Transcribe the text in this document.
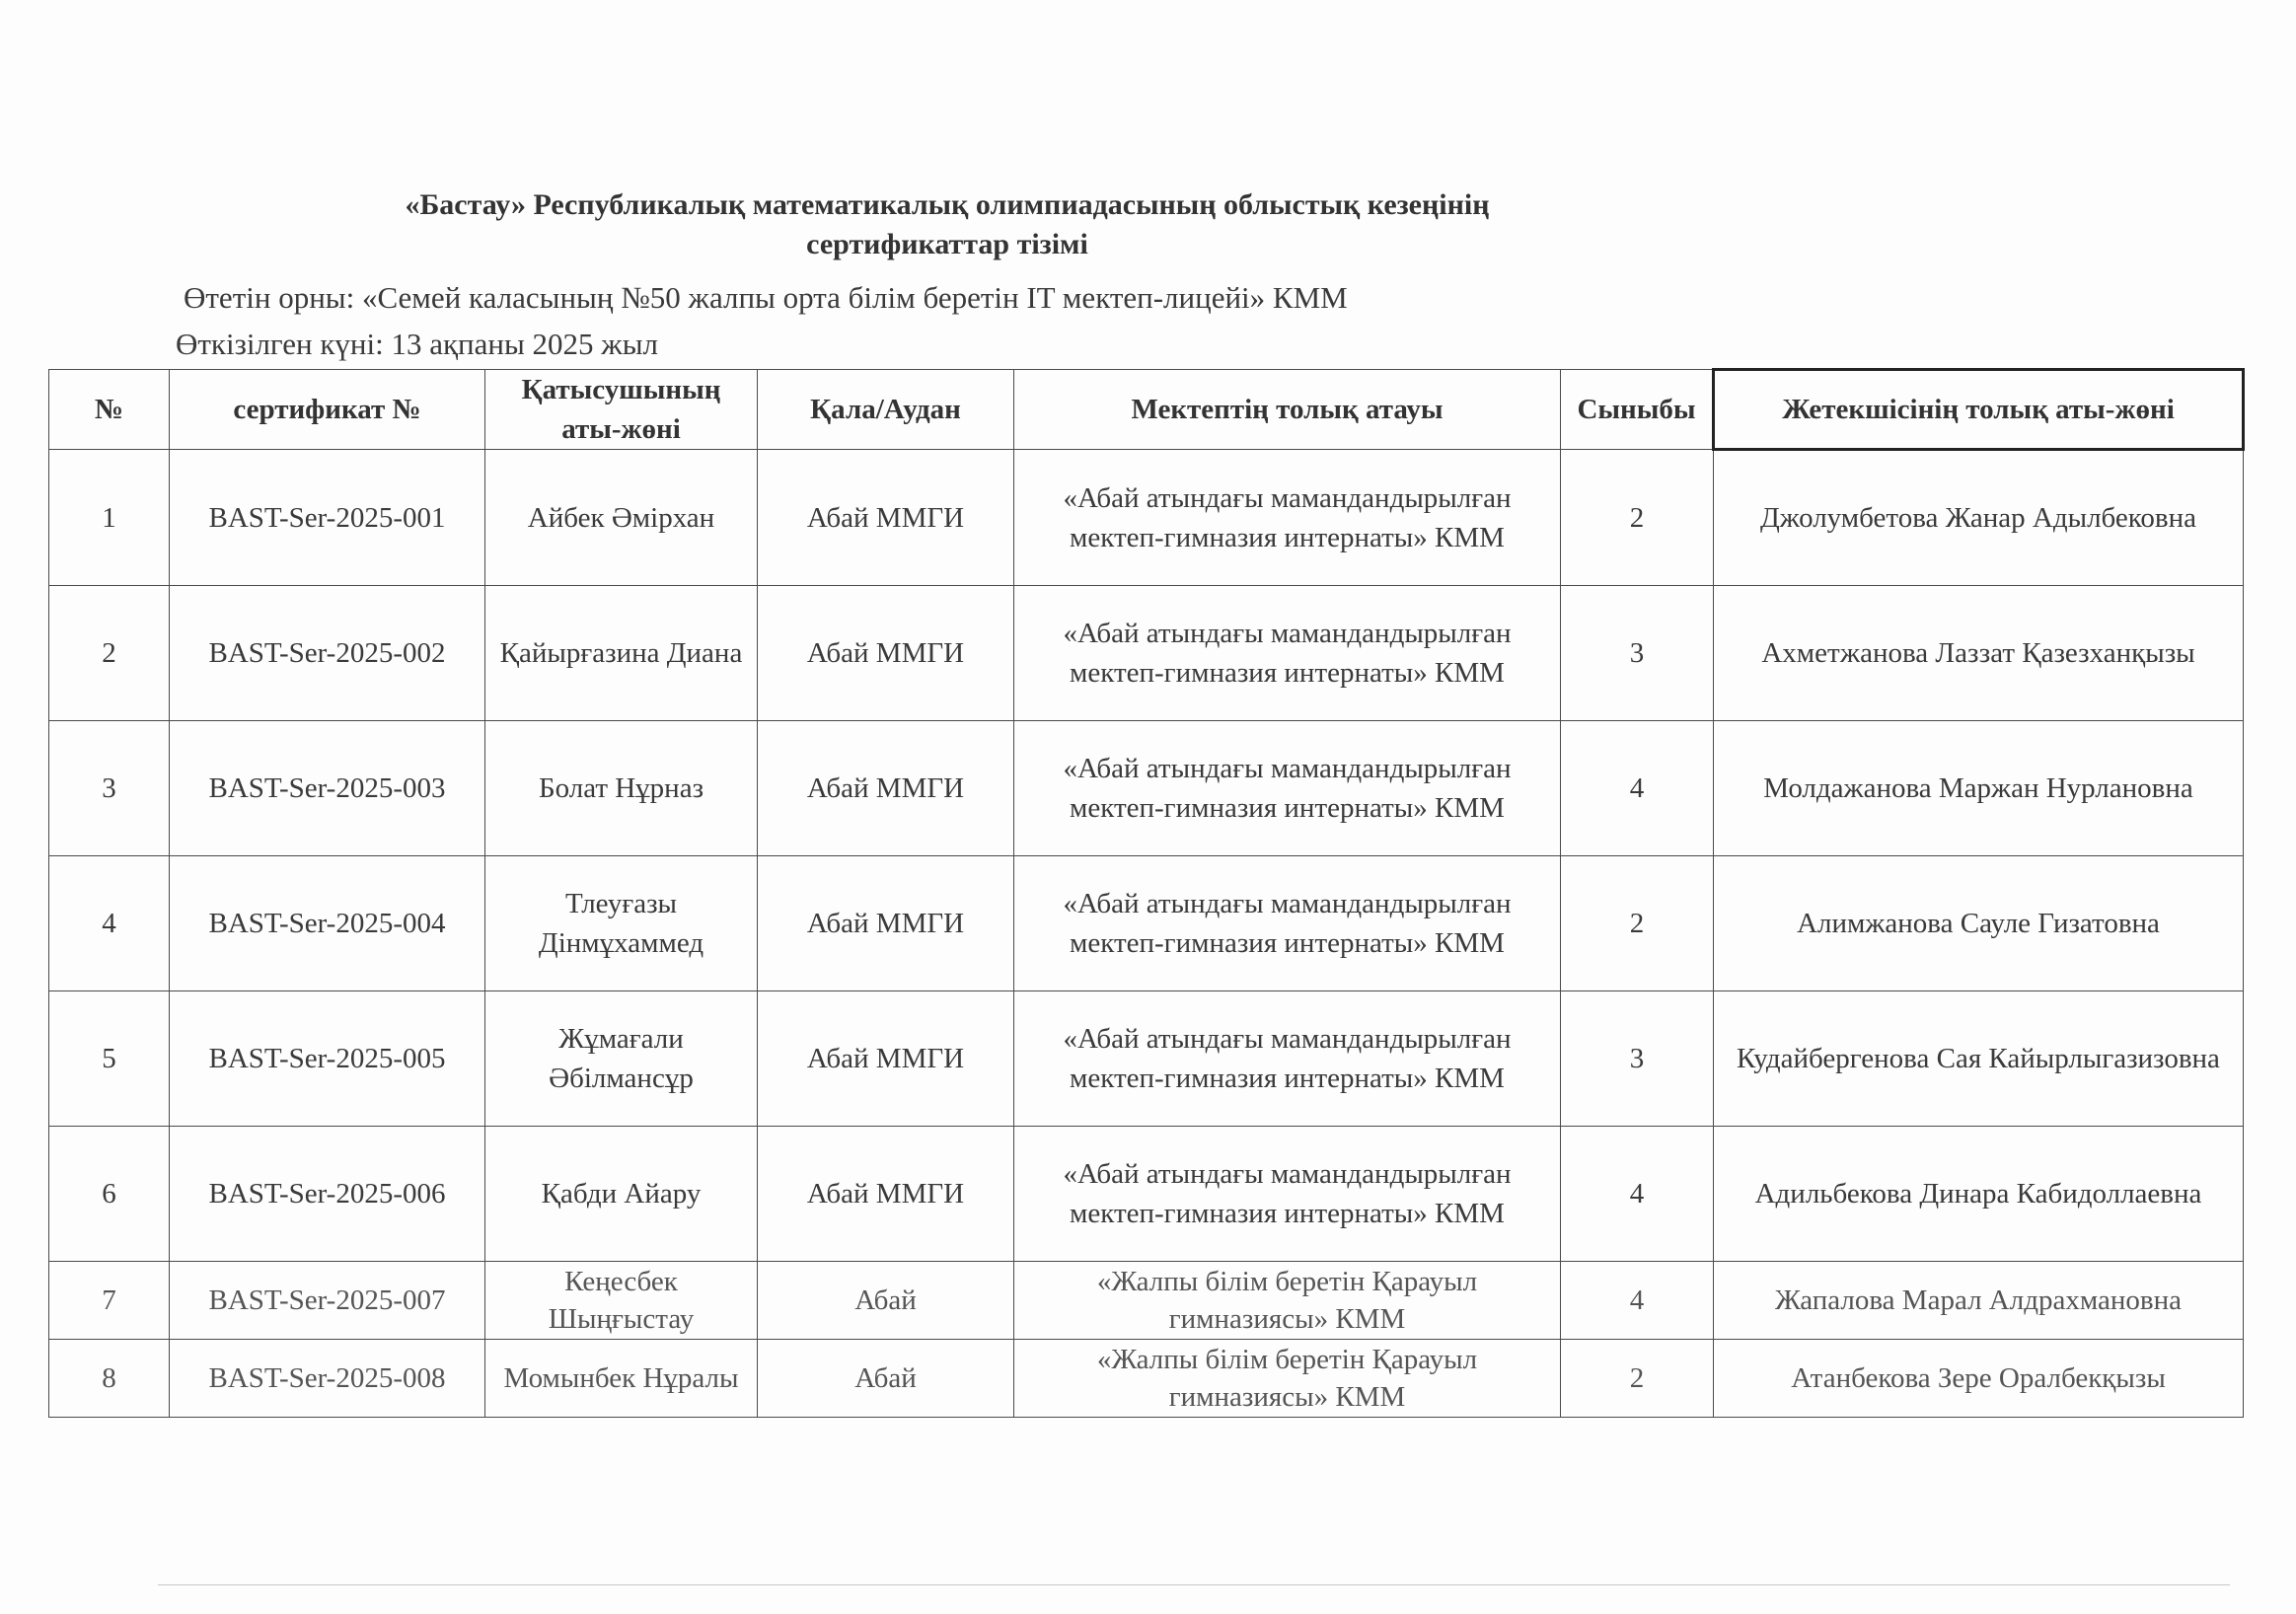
«Бастау» Республикалық математикалық олимпиадасының облыстық кезеңінің
сертификаттар тізімі
Өтетін орны: «Семей каласының №50 жалпы орта білім беретін IT мектеп-лицейі» КММ
Өткізілген күні: 13 ақпаны 2025 жыл
№	сертификат №	Қатысушының аты-жөні	Қала/Аудан	Мектептің толық атауы	Сыныбы	Жетекшісінің толық аты-жөні
1	BAST-Ser-2025-001	Айбек Әмірхан	Абай ММГИ	«Абай атындағы мамандандырылған мектеп-гимназия интернаты» КММ	2	Джолумбетова Жанар Адылбековна
2	BAST-Ser-2025-002	Қайырғазина Диана	Абай ММГИ	«Абай атындағы мамандандырылған мектеп-гимназия интернаты» КММ	3	Ахметжанова Лаззат Қазезханқызы
3	BAST-Ser-2025-003	Болат Нұрназ	Абай ММГИ	«Абай атындағы мамандандырылған мектеп-гимназия интернаты» КММ	4	Молдажанова Маржан Нурлановна
4	BAST-Ser-2025-004	Тлеуғазы Дінмұхаммед	Абай ММГИ	«Абай атындағы мамандандырылған мектеп-гимназия интернаты» КММ	2	Алимжанова Сауле Гизатовна
5	BAST-Ser-2025-005	Жұмағали Әбілмансұр	Абай ММГИ	«Абай атындағы мамандандырылған мектеп-гимназия интернаты» КММ	3	Кудайбергенова Сая Кайырлыгазизовна
6	BAST-Ser-2025-006	Қабди Айару	Абай ММГИ	«Абай атындағы мамандандырылған мектеп-гимназия интернаты» КММ	4	Адильбекова Динара Кабидоллаевна
7	BAST-Ser-2025-007	Кеңесбек Шыңғыстау	Абай	«Жалпы білім беретін Қарауыл гимназиясы» КММ	4	Жапалова Марал Алдрахмановна
8	BAST-Ser-2025-008	Момынбек Нұралы	Абай	«Жалпы білім беретін Қарауыл гимназиясы» КММ	2	Атанбекова Зере Оралбекқызы
